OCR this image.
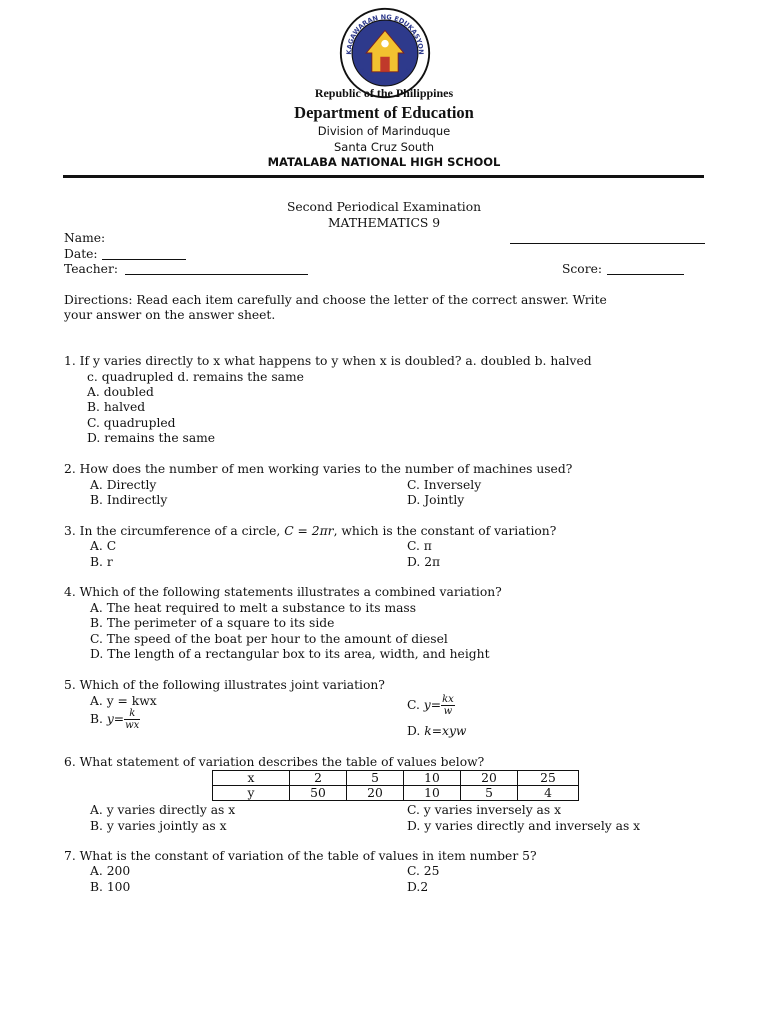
KAGAWARAN NG EDUKASYON
REPUBLIKA NG PILIPINAS
Republic of the Philippines
Department of Education
Division of Marinduque
Santa Cruz South
MATALABA NATIONAL HIGH SCHOOL
Second Periodical Examination
MATHEMATICS 9
Name:
Date:
Teacher:	Score:
Directions: Read each item carefully and choose the letter of the correct answer. Write
your answer on the answer sheet.
1. If y varies directly to x what happens to y when x is doubled? a. doubled b. halved
c. quadrupled d. remains the same
A. doubled
B. halved
C. quadrupled
D. remains the same
2. How does the number of men working varies to the number of machines used?
A. Directly
B. Indirectly
C. Inversely
D. Jointly
3. In the circumference of a circle, C = 2πr, which is the constant of variation?
A. C
B. r
C. π
D. 2π
4. Which of the following statements illustrates a combined variation?
A. The heat required to melt a substance to its mass
B. The perimeter of a square to its side
C. The speed of the boat per hour to the amount of diesel
D. The length of a rectangular box to its area, width, and height
5. Which of the following illustrates joint variation?
A. y = kwx
B. $y= \frac{k}{wx}$
C. $y= \frac{kx}{w}$
D. k=xyw
6. What statement of variation describes the table of values below?
x	2	5	10	20	25
y	50	20	10	5	4
A. y varies directly as x
B. y varies jointly as x
C. y varies inversely as x
D. y varies directly and inversely as x
7. What is the constant of variation of the table of values in item number 5?
A. 200
B. 100
C. 25
D.2
